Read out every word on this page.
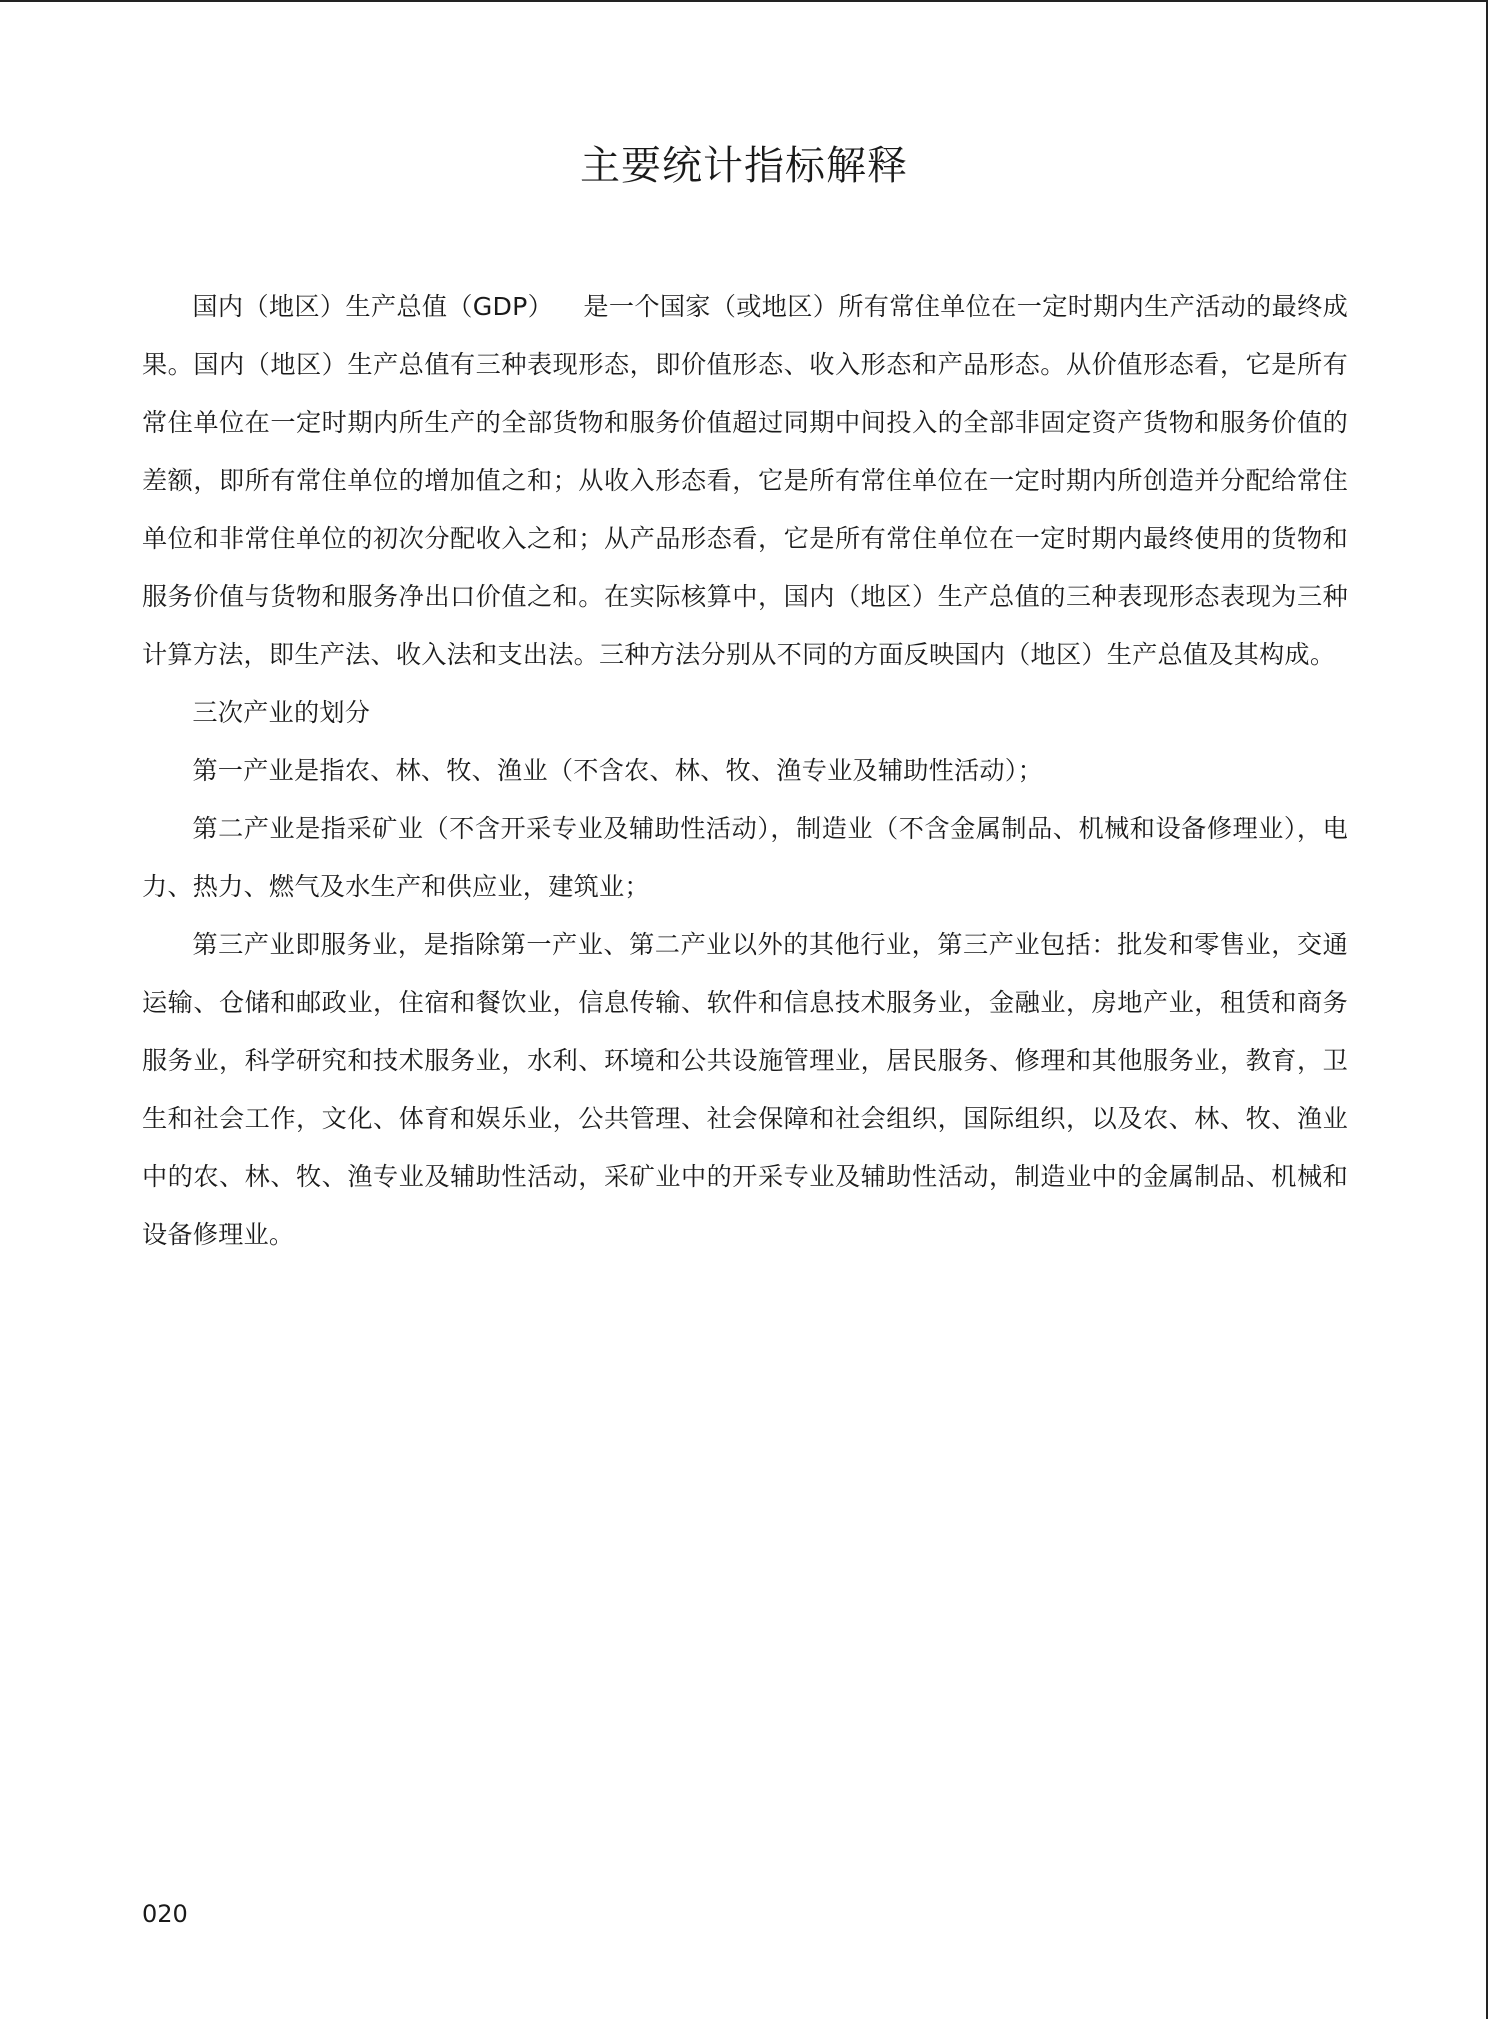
主要统计指标解释

国内（地区）生产总值（GDP） 是一个国家（或地区）所有常住单位在一定时期内生产活动的最终成果。国内（地区）生产总值有三种表现形态，即价值形态、收入形态和产品形态。从价值形态看，它是所有常住单位在一定时期内所生产的全部货物和服务价值超过同期中间投入的全部非固定资产货物和服务价值的差额，即所有常住单位的增加值之和；从收入形态看，它是所有常住单位在一定时期内所创造并分配给常住单位和非常住单位的初次分配收入之和；从产品形态看，它是所有常住单位在一定时期内最终使用的货物和服务价值与货物和服务净出口价值之和。在实际核算中，国内（地区）生产总值的三种表现形态表现为三种计算方法，即生产法、收入法和支出法。三种方法分别从不同的方面反映国内（地区）生产总值及其构成。

三次产业的划分

第一产业是指农、林、牧、渔业（不含农、林、牧、渔专业及辅助性活动）；

第二产业是指采矿业（不含开采专业及辅助性活动），制造业（不含金属制品、机械和设备修理业），电力、热力、燃气及水生产和供应业，建筑业；

第三产业即服务业，是指除第一产业、第二产业以外的其他行业，第三产业包括：批发和零售业，交通运输、仓储和邮政业，住宿和餐饮业，信息传输、软件和信息技术服务业，金融业，房地产业，租赁和商务服务业，科学研究和技术服务业，水利、环境和公共设施管理业，居民服务、修理和其他服务业，教育，卫生和社会工作，文化、体育和娱乐业，公共管理、社会保障和社会组织，国际组织，以及农、林、牧、渔业中的农、林、牧、渔专业及辅助性活动，采矿业中的开采专业及辅助性活动，制造业中的金属制品、机械和设备修理业。

020
